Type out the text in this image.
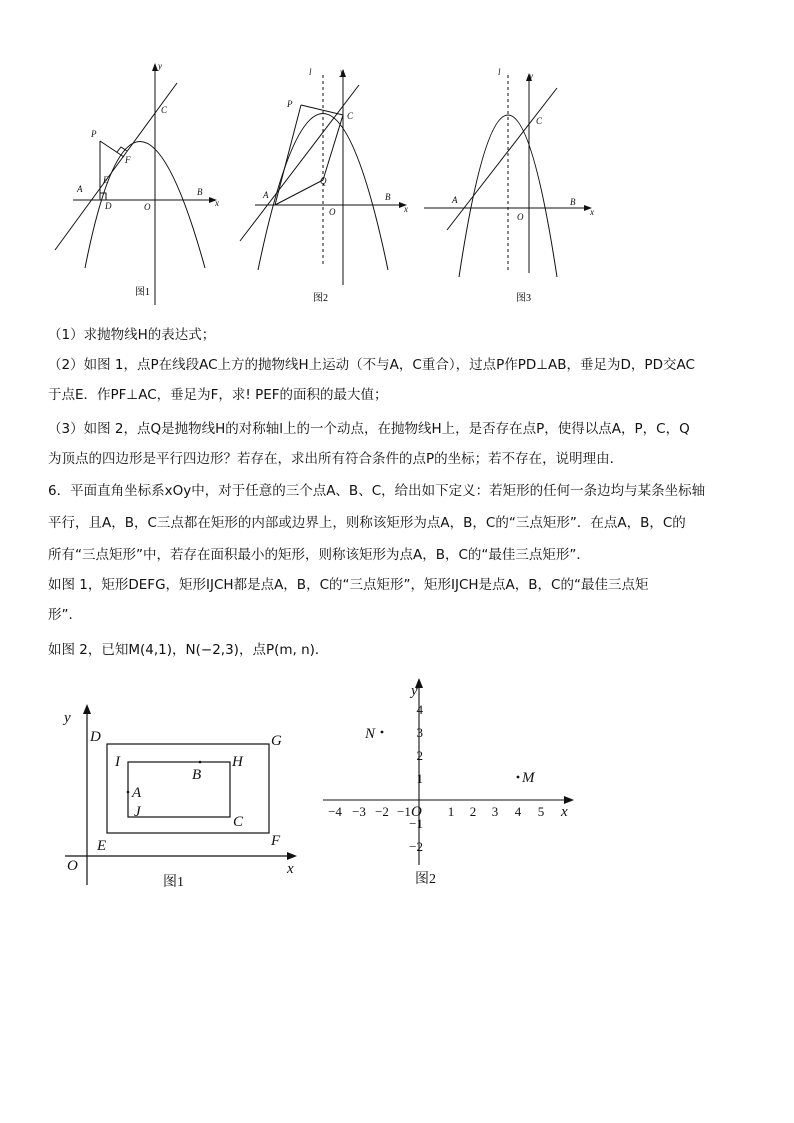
y
x
P
C
F
E
A
D	O
B
图1
l	y
x
P
C
Q
A
O
B
图2
l	y
x
C
A
O
B
图3
（1）求抛物线H的表达式；
（2）如图 1，点P在线段AC上方的抛物线H上运动（不与A，C重合），过点P作PD⊥AB，垂足为D，PD交AC
于点E．作PF⊥AC，垂足为F，求! PEF的面积的最大值；
（3）如图 2，点Q是抛物线H的对称轴l上的一个动点，在抛物线H上，是否存在点P，使得以点A，P，C，Q
为顶点的四边形是平行四边形？若存在，求出所有符合条件的点P的坐标；若不存在，说明理由．
6．平面直角坐标系xOy中，对于任意的三个点A、B、C，给出如下定义：若矩形的任何一条边均与某条坐标轴
平行，且A，B，C三点都在矩形的内部或边界上，则称该矩形为点A，B，C的“三点矩形”．在点A，B，C的
所有“三点矩形”中，若存在面积最小的矩形，则称该矩形为点A，B，C的“最佳三点矩形”．
如图 1，矩形DEFG，矩形IJCH都是点A，B，C的“三点矩形”，矩形IJCH是点A，B，C的“最佳三点矩
形”．
如图 2，已知M(4,1)，N(−2,3)，点P(m, n)．
y
x
O
D	G
I	H
B
A
J
C
E	F
图1
−4 −3 −2 −1	1 2 3 4 5
4
3
2
1
−1
−2
y
x
O
N
M
图2
